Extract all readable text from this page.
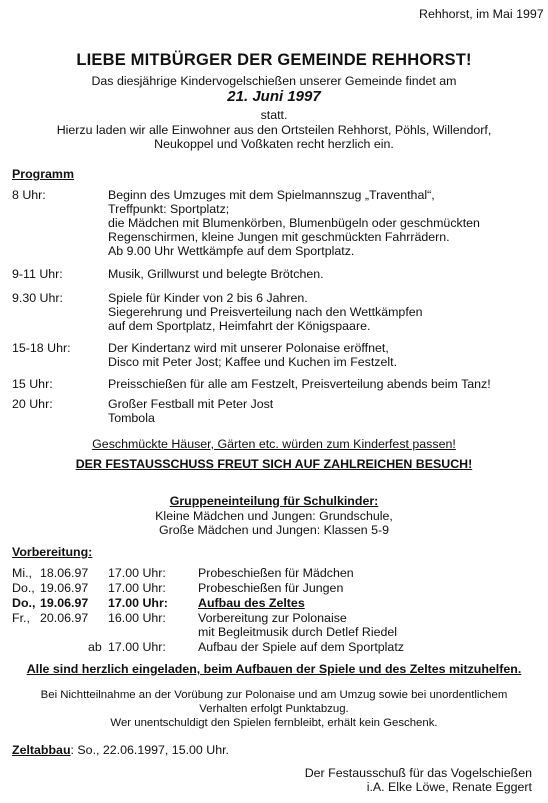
Rehhorst, im Mai 1997
LIEBE MITBÜRGER DER GEMEINDE REHHORST!
Das diesjährige Kindervogelschießen unserer Gemeinde findet am
21. Juni 1997
statt.
Hierzu laden wir alle Einwohner aus den Ortsteilen Rehhorst, Pöhls, Willendorf,
Neukoppel und Voßkaten recht herzlich ein.
Programm
8 Uhr:	Beginn des Umzuges mit dem Spielmannszug „Traventhal“,
Treffpunkt: Sportplatz;
die Mädchen mit Blumenkörben, Blumenbügeln oder geschmückten
Regenschirmen, kleine Jungen mit geschmückten Fahrrädern.
Ab 9.00 Uhr Wettkämpfe auf dem Sportplatz.
9-11 Uhr:	Musik, Grillwurst und belegte Brötchen.
9.30 Uhr:	Spiele für Kinder von 2 bis 6 Jahren.
Siegerehrung und Preisverteilung nach den Wettkämpfen
auf dem Sportplatz, Heimfahrt der Königspaare.
15-18 Uhr:	Der Kindertanz wird mit unserer Polonaise eröffnet,
Disco mit Peter Jost; Kaffee und Kuchen im Festzelt.
15 Uhr:	Preisschießen für alle am Festzelt, Preisverteilung abends beim Tanz!
20 Uhr:	Großer Festball mit Peter Jost
Tombola
Geschmückte Häuser, Gärten etc. würden zum Kinderfest passen!
DER FESTAUSSCHUSS FREUT SICH AUF ZAHLREICHEN BESUCH!
Gruppeneinteilung für Schulkinder:
Kleine Mädchen und Jungen: Grundschule,
Große Mädchen und Jungen: Klassen 5-9
Vorbereitung:
Mi., 18.06.97 17.00 Uhr:	Probeschießen für Mädchen
Do., 19.06.97 17.00 Uhr:	Probeschießen für Jungen
Do., 19.06.97 17.00 Uhr: Aufbau des Zeltes
Fr., 20.06.97 16.00 Uhr:	Vorbereitung zur Polonaise
mit Begleitmusik durch Detlef Riedel
ab 17.00 Uhr:	Aufbau der Spiele auf dem Sportplatz
Alle sind herzlich eingeladen, beim Aufbauen der Spiele und des Zeltes mitzuhelfen.
Bei Nichtteilnahme an der Vorübung zur Polonaise und am Umzug sowie bei unordentlichem
Verhalten erfolgt Punktabzug.
Wer unentschuldigt den Spielen fernbleibt, erhält kein Geschenk.
Zeltabbau: So., 22.06.1997, 15.00 Uhr.
Der Festausschuß für das Vogelschießen
i.A. Elke Löwe, Renate Eggert
